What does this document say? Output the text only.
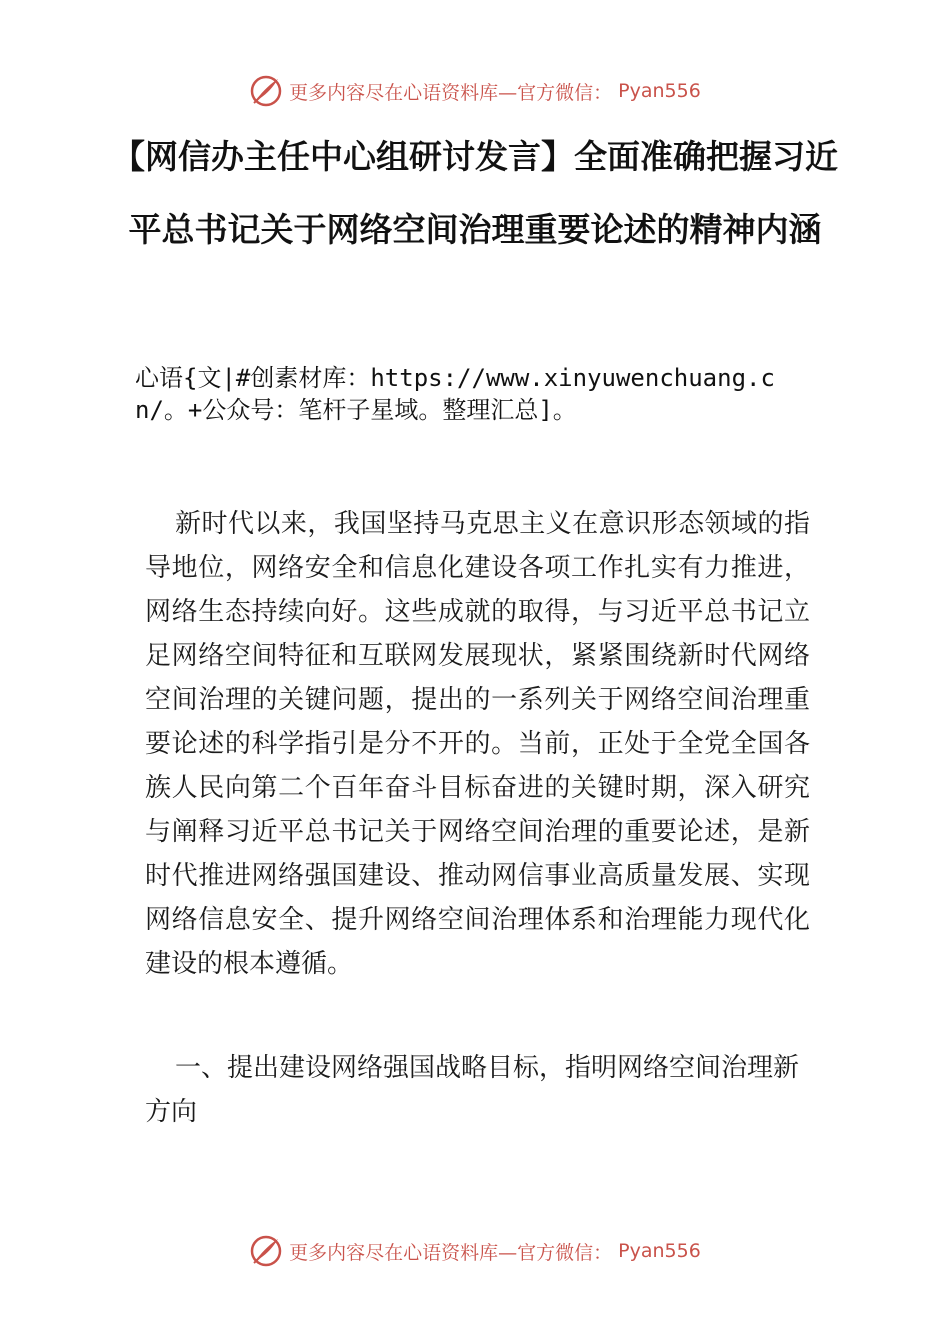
更多内容尽在心语资料库—官方微信： Pyan556
【网信办主任中心组研讨发言】全面准确把握习近平总书记关于网络空间治理重要论述的精神内涵

心语{文|#创素材库：https://www.xinyuwenchuang.cn/。+公众号：笔杆子星域。整理汇总]。

新时代以来，我国坚持马克思主义在意识形态领域的指导地位，网络安全和信息化建设各项工作扎实有力推进，网络生态持续向好。这些成就的取得，与习近平总书记立足网络空间特征和互联网发展现状，紧紧围绕新时代网络空间治理的关键问题，提出的一系列关于网络空间治理重要论述的科学指引是分不开的。当前，正处于全党全国各族人民向第二个百年奋斗目标奋进的关键时期，深入研究与阐释习近平总书记关于网络空间治理的重要论述，是新时代推进网络强国建设、推动网信事业高质量发展、实现网络信息安全、提升网络空间治理体系和治理能力现代化建设的根本遵循。

一、提出建设网络强国战略目标，指明网络空间治理新方向

更多内容尽在心语资料库—官方微信： Pyan556
